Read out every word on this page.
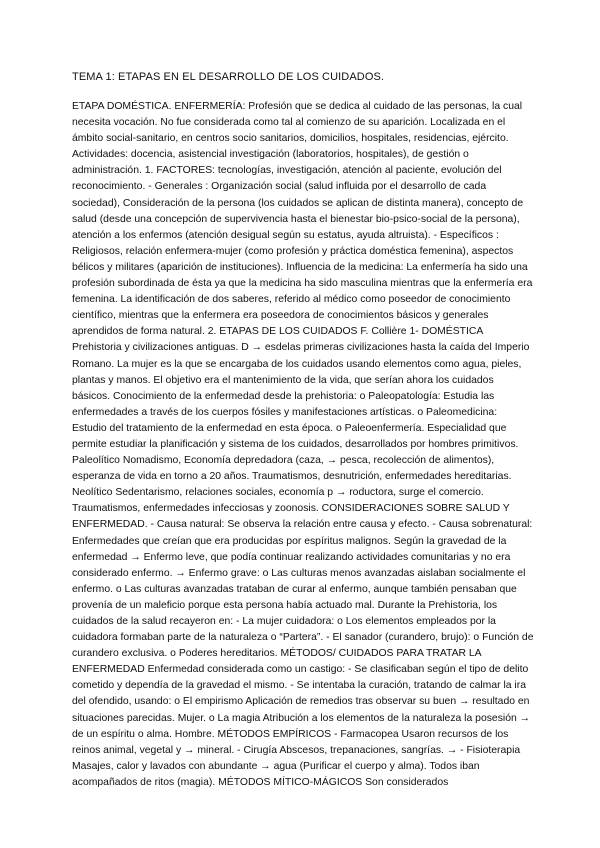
TEMA 1: ETAPAS EN EL DESARROLLO DE LOS CUIDADOS.

ETAPA DOMÉSTICA. ENFERMERÍA: Profesión que se dedica al cuidado de las personas, la cual necesita vocación. No fue considerada como tal al comienzo de su aparición. Localizada en el ámbito social-sanitario, en centros socio sanitarios, domicilios, hospitales, residencias, ejército. Actividades: docencia, asistencial investigación (laboratorios, hospitales), de gestión o administración. 1. FACTORES: tecnologías, investigación, atención al paciente, evolución del reconocimiento. - Generales : Organización social (salud influida por el desarrollo de cada sociedad), Consideración de la persona (los cuidados se aplican de distinta manera), concepto de salud (desde una concepción de supervivencia hasta el bienestar bio-psico-social de la persona), atención a los enfermos (atención desigual según su estatus, ayuda altruista). - Específicos : Religiosos, relación enfermera-mujer (como profesión y práctica doméstica femenina), aspectos bélicos y militares (aparición de instituciones). Influencia de la medicina: La enfermería ha sido una profesión subordinada de ésta ya que la medicina ha sido masculina mientras que la enfermería era femenina. La identificación de dos saberes, referido al médico como poseedor de conocimiento científico, mientras que la enfermera era poseedora de conocimientos básicos y generales aprendidos de forma natural. 2. ETAPAS DE LOS CUIDADOS F. Collière 1- DOMÉSTICA Prehistoria y civilizaciones antiguas. D → esdelas primeras civilizaciones hasta la caída del Imperio Romano. La mujer es la que se encargaba de los cuidados usando elementos como agua, pieles, plantas y manos. El objetivo era el mantenimiento de la vida, que serían ahora los cuidados básicos. Conocimiento de la enfermedad desde la prehistoria: o Paleopatología: Estudia las enfermedades a través de los cuerpos fósiles y manifestaciones artísticas. o Paleomedicina: Estudio del tratamiento de la enfermedad en esta época. o Paleoenfermería. Especialidad que permite estudiar la planificación y sistema de los cuidados, desarrollados por hombres primitivos. Paleolítico Nomadismo, Economía depredadora (caza, → pesca, recolección de alimentos), esperanza de vida en torno a 20 años. Traumatismos, desnutrición, enfermedades hereditarias. Neolítico Sedentarismo, relaciones sociales, economía p → roductora, surge el comercio. Traumatismos, enfermedades infecciosas y zoonosis. CONSIDERACIONES SOBRE SALUD Y ENFERMEDAD. - Causa natural: Se observa la relación entre causa y efecto. - Causa sobrenatural: Enfermedades que creían que era producidas por espíritus malignos. Según la gravedad de la enfermedad → Enfermo leve, que podía continuar realizando actividades comunitarias y no era considerado enfermo. → Enfermo grave: o Las culturas menos avanzadas aislaban socialmente el enfermo. o Las culturas avanzadas trataban de curar al enfermo, aunque también pensaban que provenía de un maleficio porque esta persona había actuado mal. Durante la Prehistoria, los cuidados de la salud recayeron en: - La mujer cuidadora: o Los elementos empleados por la cuidadora formaban parte de la naturaleza o “Partera”. - El sanador (curandero, brujo): o Función de curandero exclusiva. o Poderes hereditarios. MÉTODOS/ CUIDADOS PARA TRATAR LA ENFERMEDAD Enfermedad considerada como un castigo: - Se clasificaban según el tipo de delito cometido y dependía de la gravedad el mismo. - Se intentaba la curación, tratando de calmar la ira del ofendido, usando: o El empirismo Aplicación de remedios tras observar su buen → resultado en situaciones parecidas. Mujer. o La magia Atribución a los elementos de la naturaleza la posesión → de un espíritu o alma. Hombre. MÉTODOS EMPÍRICOS - Farmacopea Usaron recursos de los reinos animal, vegetal y → mineral. - Cirugía Abscesos, trepanaciones, sangrías. → - Fisioterapia Masajes, calor y lavados con abundante → agua (Purificar el cuerpo y alma). Todos iban acompañados de ritos (magia). MÉTODOS MÍTICO-MÁGICOS Son considerados
